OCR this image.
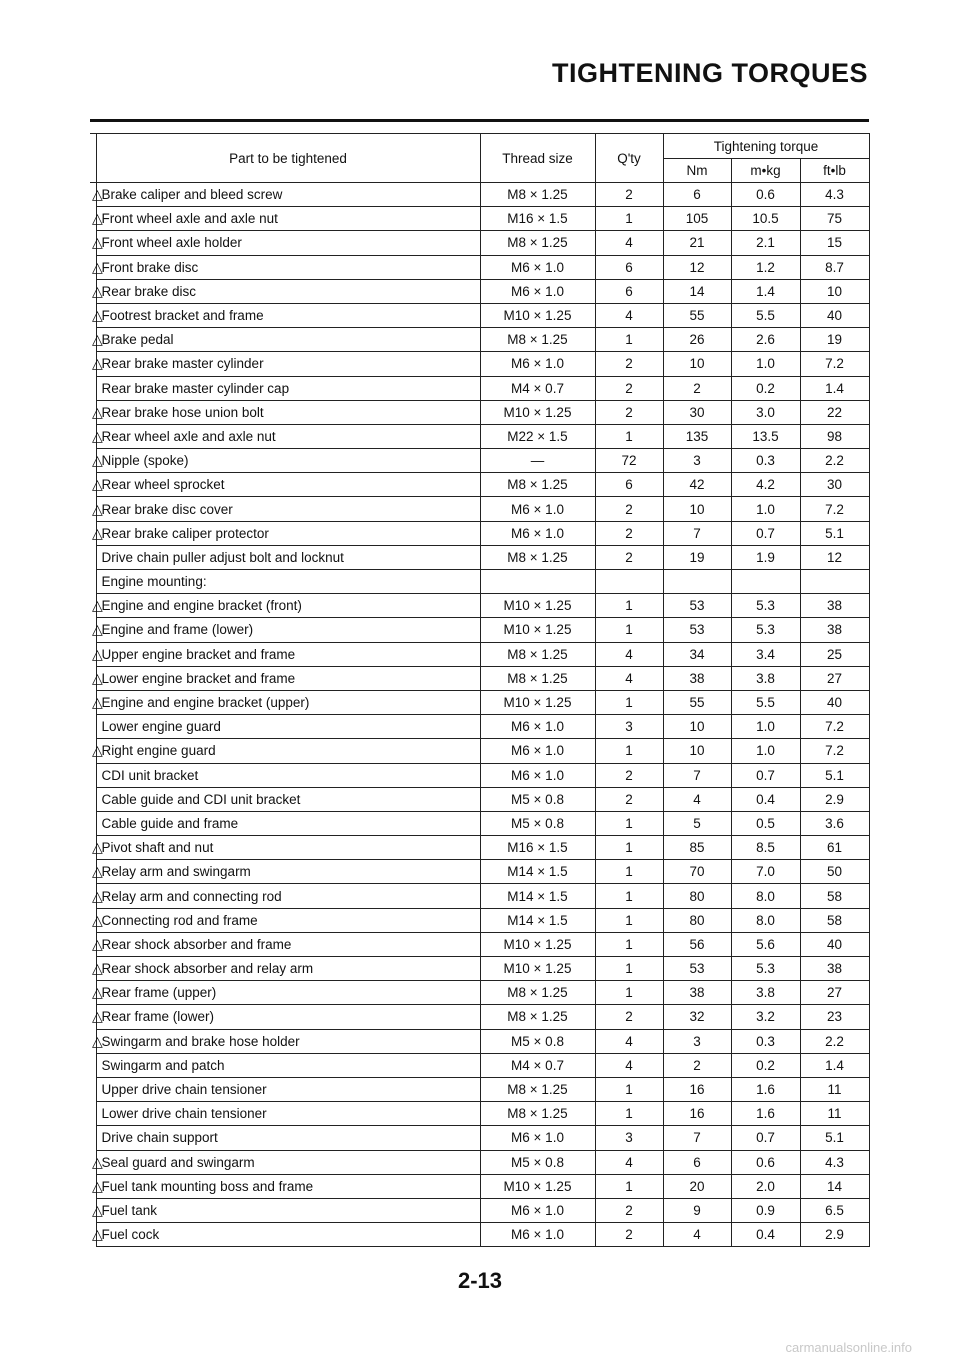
TIGHTENING TORQUES
	Part to be tightened	Thread size	Q'ty	Tightening torque		
				Nm	m•kg	ft•lb
△	Brake caliper and bleed screw	M8 × 1.25	2	6	0.6	4.3
△	Front wheel axle and axle nut	M16 × 1.5	1	105	10.5	75
△	Front wheel axle holder	M8 × 1.25	4	21	2.1	15
△	Front brake disc	M6 × 1.0	6	12	1.2	8.7
△	Rear brake disc	M6 × 1.0	6	14	1.4	10
△	Footrest bracket and frame	M10 × 1.25	4	55	5.5	40
△	Brake pedal	M8 × 1.25	1	26	2.6	19
△	Rear brake master cylinder	M6 × 1.0	2	10	1.0	7.2
	Rear brake master cylinder cap	M4 × 0.7	2	2	0.2	1.4
△	Rear brake hose union bolt	M10 × 1.25	2	30	3.0	22
△	Rear wheel axle and axle nut	M22 × 1.5	1	135	13.5	98
△	Nipple (spoke)	—	72	3	0.3	2.2
△	Rear wheel sprocket	M8 × 1.25	6	42	4.2	30
△	Rear brake disc cover	M6 × 1.0	2	10	1.0	7.2
△	Rear brake caliper protector	M6 × 1.0	2	7	0.7	5.1
	Drive chain puller adjust bolt and locknut	M8 × 1.25	2	19	1.9	12
	Engine mounting:					
△	Engine and engine bracket (front)	M10 × 1.25	1	53	5.3	38
△	Engine and frame (lower)	M10 × 1.25	1	53	5.3	38
△	Upper engine bracket and frame	M8 × 1.25	4	34	3.4	25
△	Lower engine bracket and frame	M8 × 1.25	4	38	3.8	27
△	Engine and engine bracket (upper)	M10 × 1.25	1	55	5.5	40
	Lower engine guard	M6 × 1.0	3	10	1.0	7.2
△	Right engine guard	M6 × 1.0	1	10	1.0	7.2
	CDI unit bracket	M6 × 1.0	2	7	0.7	5.1
	Cable guide and CDI unit bracket	M5 × 0.8	2	4	0.4	2.9
	Cable guide and frame	M5 × 0.8	1	5	0.5	3.6
△	Pivot shaft and nut	M16 × 1.5	1	85	8.5	61
△	Relay arm and swingarm	M14 × 1.5	1	70	7.0	50
△	Relay arm and connecting rod	M14 × 1.5	1	80	8.0	58
△	Connecting rod and frame	M14 × 1.5	1	80	8.0	58
△	Rear shock absorber and frame	M10 × 1.25	1	56	5.6	40
△	Rear shock absorber and relay arm	M10 × 1.25	1	53	5.3	38
△	Rear frame (upper)	M8 × 1.25	1	38	3.8	27
△	Rear frame (lower)	M8 × 1.25	2	32	3.2	23
△	Swingarm and brake hose holder	M5 × 0.8	4	3	0.3	2.2
	Swingarm and patch	M4 × 0.7	4	2	0.2	1.4
	Upper drive chain tensioner	M8 × 1.25	1	16	1.6	11
	Lower drive chain tensioner	M8 × 1.25	1	16	1.6	11
	Drive chain support	M6 × 1.0	3	7	0.7	5.1
△	Seal guard and swingarm	M5 × 0.8	4	6	0.6	4.3
△	Fuel tank mounting boss and frame	M10 × 1.25	1	20	2.0	14
△	Fuel tank	M6 × 1.0	2	9	0.9	6.5
△	Fuel cock	M6 × 1.0	2	4	0.4	2.9
2-13
carmanualsonline.info
